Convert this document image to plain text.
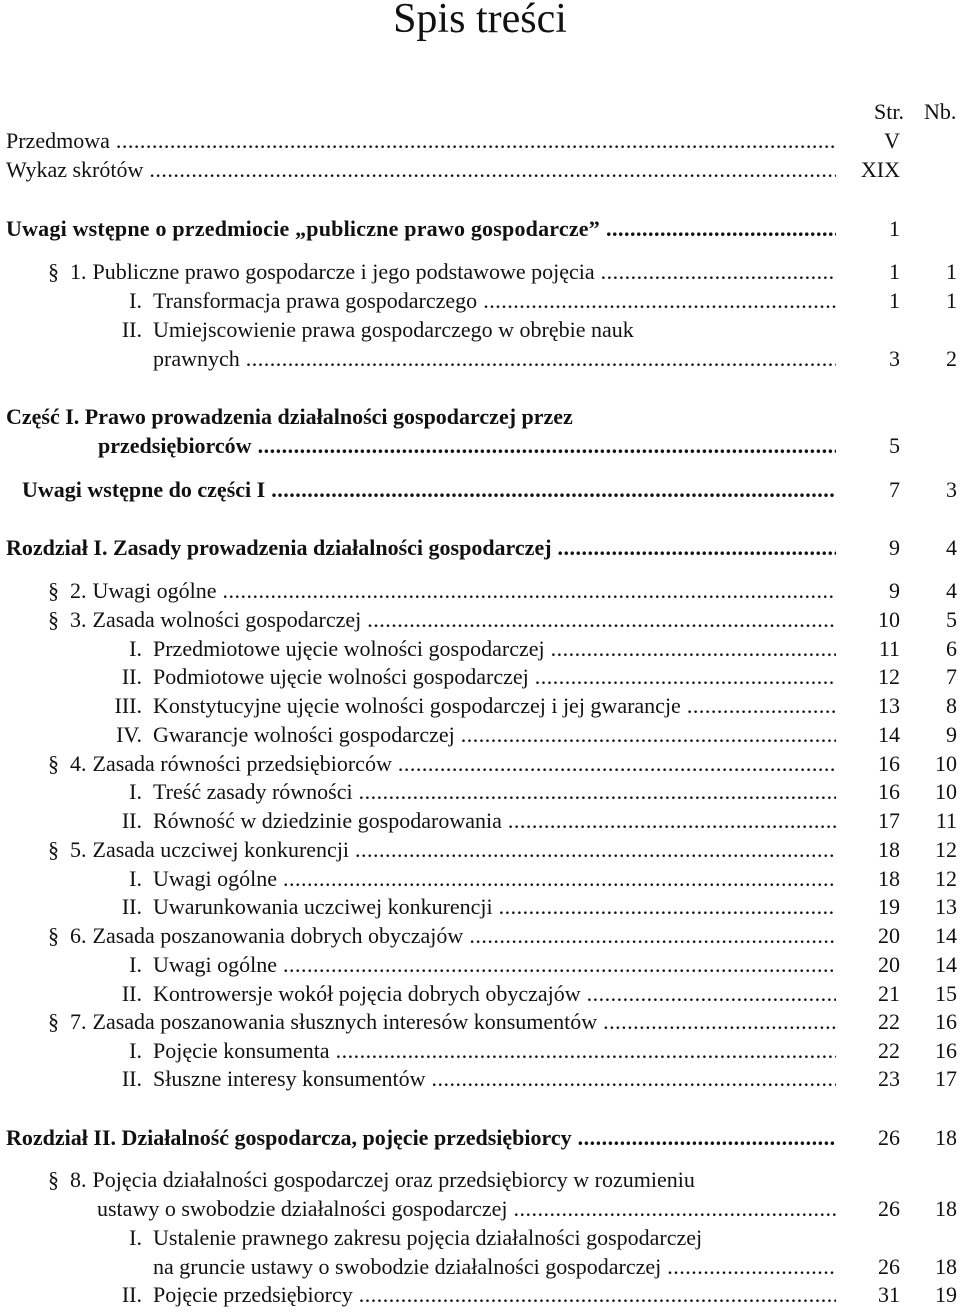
Spis treści
Str. Nb.
Przedmowa .....	V
Wykaz skrótów .....	XIX
Uwagi wstępne o przedmiocie „publiczne prawo gospodarcze” .....	1
§ 1. Publiczne prawo gospodarcze i jego podstawowe pojęcia .....	1 1
I. Transformacja prawa gospodarczego .....	1 1
II. Umiejscowienie prawa gospodarczego w obrębie nauk
prawnych .....	3 2
Część I. Prawo prowadzenia działalności gospodarczej przez
przedsiębiorców .....	5
Uwagi wstępne do części I .....	7 3
Rozdział I. Zasady prowadzenia działalności gospodarczej .....	9 4
§ 2. Uwagi ogólne .....	9 4
§ 3. Zasada wolności gospodarczej .....	10 5
I. Przedmiotowe ujęcie wolności gospodarczej .....	11 6
II. Podmiotowe ujęcie wolności gospodarczej .....	12 7
III. Konstytucyjne ujęcie wolności gospodarczej i jej gwarancje .....	13 8
IV. Gwarancje wolności gospodarczej .....	14 9
§ 4. Zasada równości przedsiębiorców .....	16 10
I. Treść zasady równości .....	16 10
II. Równość w dziedzinie gospodarowania .....	17 11
§ 5. Zasada uczciwej konkurencji .....	18 12
I. Uwagi ogólne .....	18 12
II. Uwarunkowania uczciwej konkurencji .....	19 13
§ 6. Zasada poszanowania dobrych obyczajów .....	20 14
I. Uwagi ogólne .....	20 14
II. Kontrowersje wokół pojęcia dobrych obyczajów .....	21 15
§ 7. Zasada poszanowania słusznych interesów konsumentów .....	22 16
I. Pojęcie konsumenta .....	22 16
II. Słuszne interesy konsumentów .....	23 17
Rozdział II. Działalność gospodarcza, pojęcie przedsiębiorcy .....	26 18
§ 8. Pojęcia działalności gospodarczej oraz przedsiębiorcy w rozumieniu
ustawy o swobodzie działalności gospodarczej .....	26 18
I. Ustalenie prawnego zakresu pojęcia działalności gospodarczej
na gruncie ustawy o swobodzie działalności gospodarczej .....	26 18
II. Pojęcie przedsiębiorcy .....	31 19
